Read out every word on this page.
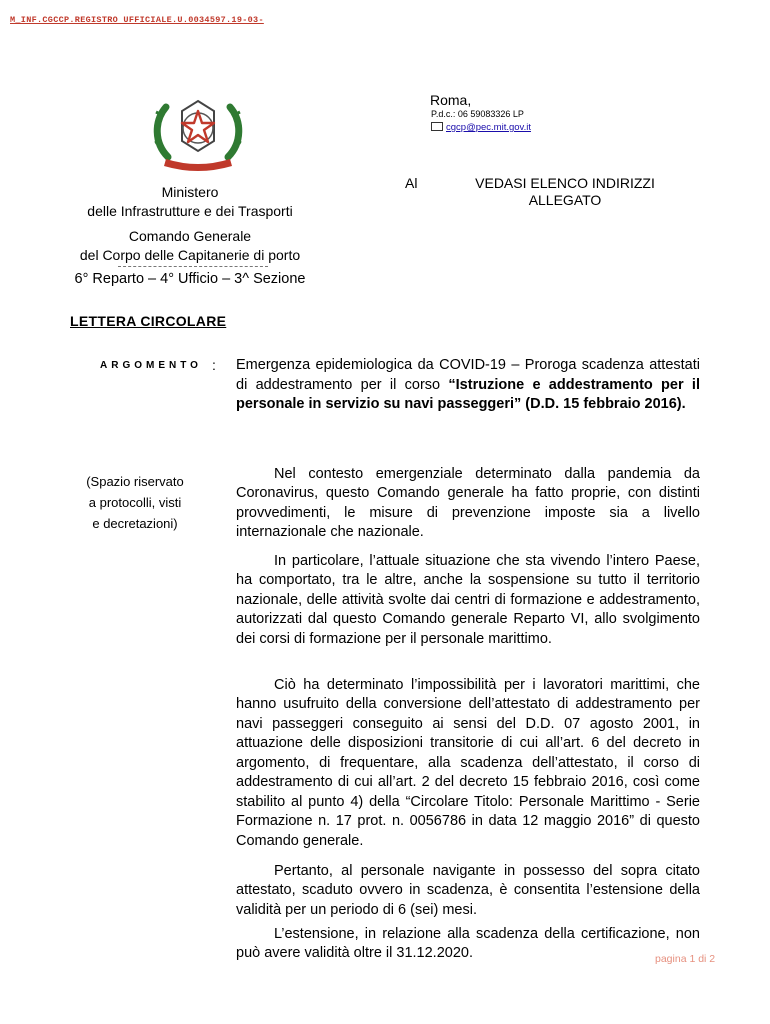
M_INF.CGCCP.REGISTRO UFFICIALE.U.0034597.19-03-
Ministero
delle Infrastrutture e dei Trasporti
Comando Generale
del Corpo delle Capitanerie di porto
6° Reparto – 4° Ufficio – 3^ Sezione
Roma,
P.d.c.: 06 59083326 LP
cgcp@pec.mit.gov.it
Al	VEDASI ELENCO INDIRIZZI
ALLEGATO
LETTERA CIRCOLARE
ARGOMENTO : Emergenza epidemiologica da COVID-19 – Proroga scadenza attestati di addestramento per il corso “Istruzione e addestramento per il personale in servizio su navi passeggeri” (D.D. 15 febbraio 2016).
(Spazio riservato
a protocolli, visti
e decretazioni)

Nel contesto emergenziale determinato dalla pandemia da Coronavirus, questo Comando generale ha fatto proprie, con distinti provvedimenti, le misure di prevenzione imposte sia a livello internazionale che nazionale.

In particolare, l’attuale situazione che sta vivendo l’intero Paese, ha comportato, tra le altre, anche la sospensione su tutto il territorio nazionale, delle attività svolte dai centri di formazione e addestramento, autorizzati dal questo Comando generale Reparto VI, allo svolgimento dei corsi di formazione per il personale marittimo.

Ciò ha determinato l’impossibilità per i lavoratori marittimi, che hanno usufruito della conversione dell’attestato di addestramento per navi passeggeri conseguito ai sensi del D.D. 07 agosto 2001, in attuazione delle disposizioni transitorie di cui all’art. 6 del decreto in argomento, di frequentare, alla scadenza dell’attestato, il corso di addestramento di cui all’art. 2 del decreto 15 febbraio 2016, così come stabilito al punto 4) della “Circolare Titolo: Personale Marittimo - Serie Formazione n. 17 prot. n. 0056786 in data 12 maggio 2016” di questo Comando generale.

Pertanto, al personale navigante in possesso del sopra citato attestato, scaduto ovvero in scadenza, è consentita l’estensione della validità per un periodo di 6 (sei) mesi.

L’estensione, in relazione alla scadenza della certificazione, non può avere validità oltre il 31.12.2020.	pagina 1 di 2
